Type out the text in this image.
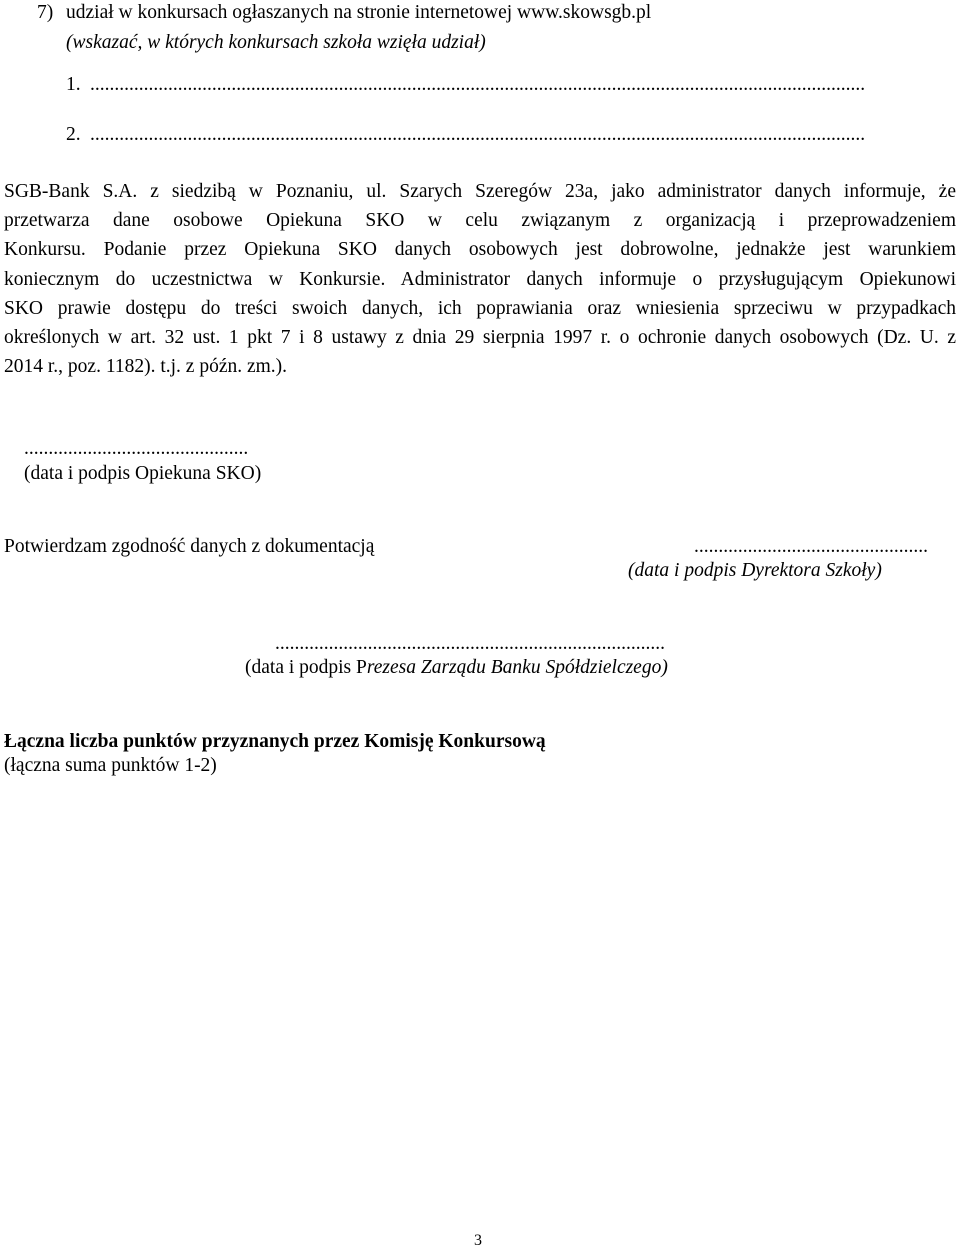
7) udział w konkursach ogłaszanych na stronie internetowej www.skowsgb.pl
(wskazać, w których konkursach szkoła wzięła udział)
1. ...............................................................................................................................................................
2. ...............................................................................................................................................................
SGB-Bank S.A. z siedzibą w Poznaniu, ul. Szarych Szeregów 23a, jako administrator danych informuje, że
przetwarza dane osobowe Opiekuna SKO w celu związanym z organizacją i przeprowadzeniem
Konkursu. Podanie przez Opiekuna SKO danych osobowych jest dobrowolne, jednakże jest warunkiem
koniecznym do uczestnictwa w Konkursie. Administrator danych informuje o przysługującym Opiekunowi
SKO prawie dostępu do treści swoich danych, ich poprawiania oraz wniesienia sprzeciwu w przypadkach
określonych w art. 32 ust. 1 pkt 7 i 8 ustawy z dnia 29 sierpnia 1997 r. o ochronie danych osobowych (Dz. U. z
2014 r., poz. 1182). t.j. z późn. zm.).
..............................................
(data i podpis Opiekuna SKO)
Potwierdzam zgodność danych z dokumentacją	................................................
(data i podpis Dyrektora Szkoły)
................................................................................
(data i podpis Prezesa Zarządu Banku Spółdzielczego)
Łączna liczba punktów przyznanych przez Komisję Konkursową
(łączna suma punktów 1-2)
3
